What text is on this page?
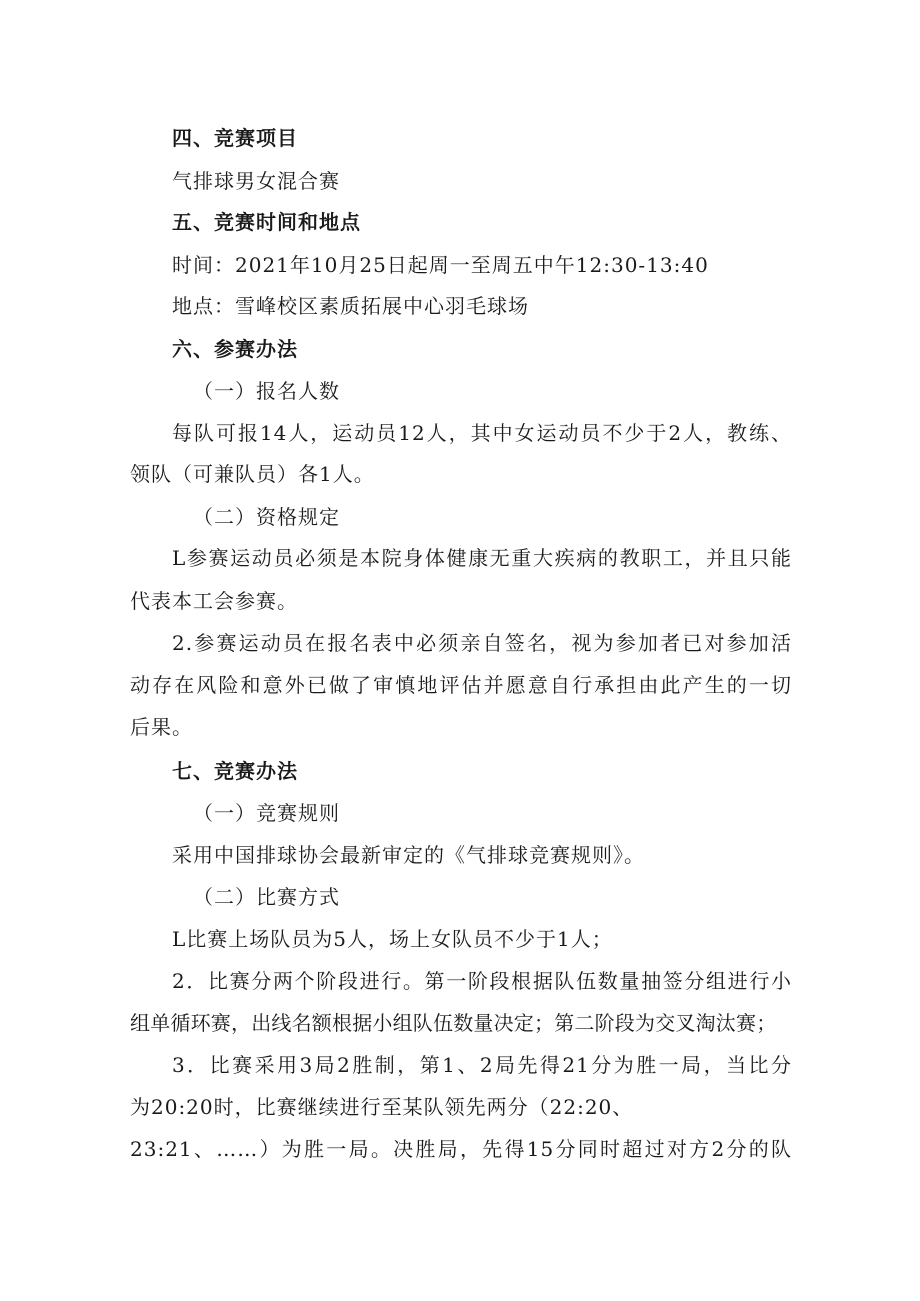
四、竞赛项目
气排球男女混合赛
五、竞赛时间和地点
时间：2021年10月25日起周一至周五中午12:30-13:40
地点：雪峰校区素质拓展中心羽毛球场
六、参赛办法
（一）报名人数
每队可报14人，运动员12人，其中女运动员不少于2人，教练、
领队（可兼队员）各1人。
（二）资格规定
L参赛运动员必须是本院身体健康无重大疾病的教职工，并且只能
代表本工会参赛。
2.参赛运动员在报名表中必须亲自签名，视为参加者已对参加活
动存在风险和意外已做了审慎地评估并愿意自行承担由此产生的一切
后果。
七、竞赛办法
（一）竞赛规则
采用中国排球协会最新审定的《气排球竞赛规则》。
（二）比赛方式
L比赛上场队员为5人，场上女队员不少于1人；
2．比赛分两个阶段进行。第一阶段根据队伍数量抽签分组进行小
组单循环赛，出线名额根据小组队伍数量决定；第二阶段为交叉淘汰赛；
3．比赛采用3局2胜制，第1、2局先得21分为胜一局，当比分
为20:20时，比赛继续进行至某队领先两分（22:20、
23:21、……）为胜一局。决胜局，先得15分同时超过对方2分的队
